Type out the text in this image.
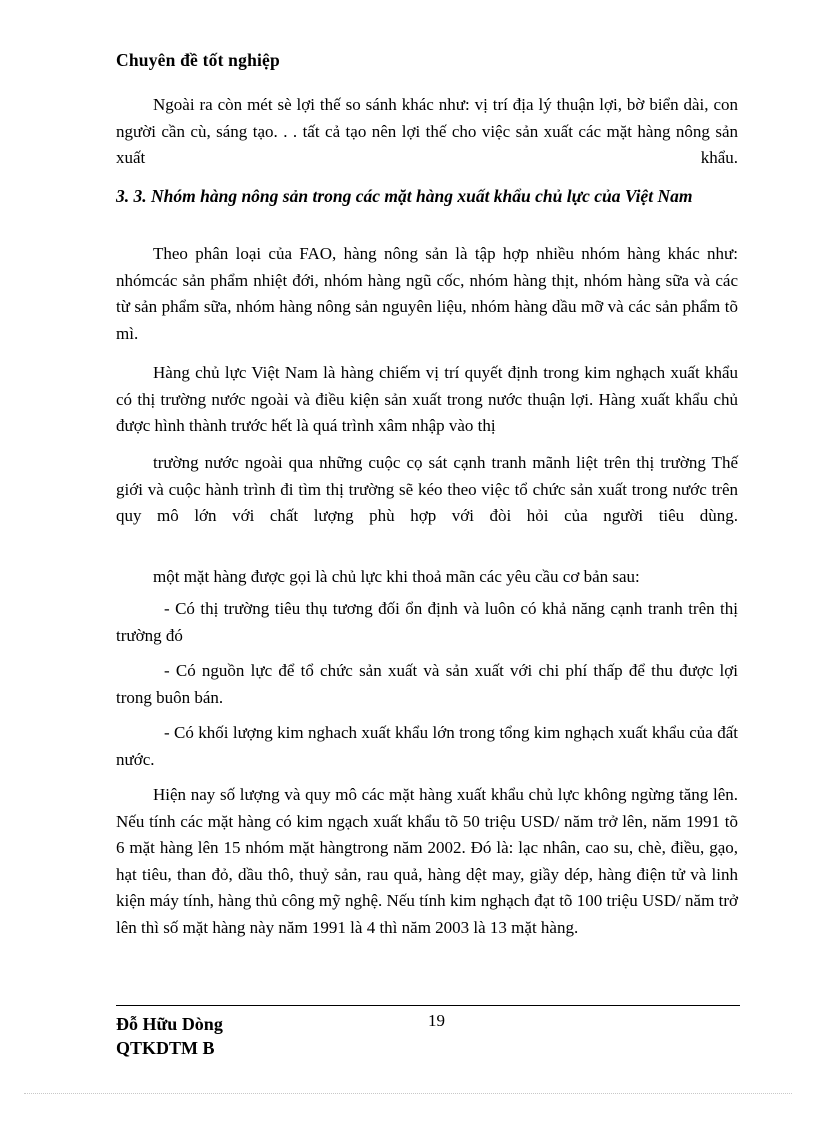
Chuyên đề tốt nghiệp

Ngoài ra còn mét sè lợi thế so sánh khác như: vị trí địa lý thuận lợi, bờ biển dài, con người cần cù, sáng tạo. . . tất cả tạo nên lợi thế cho việc sản xuất các mặt hàng nông sản xuất khẩu.

3. 3. Nhóm hàng nông sản trong các mặt hàng xuất khẩu chủ lực của Việt Nam

Theo phân loại của FAO, hàng nông sản là tập hợp nhiều nhóm hàng khác như: nhómcác sản phẩm nhiệt đới, nhóm hàng ngũ cốc, nhóm hàng thịt, nhóm hàng sữa và các từ sản phẩm sữa, nhóm hàng nông sản nguyên liệu, nhóm hàng dầu mỡ và các sản phẩm tõ mì.

Hàng chủ lực Việt Nam là hàng chiếm vị trí quyết định trong kim nghạch xuất khẩu có thị trường nước ngoài và điều kiện sản xuất trong nước thuận lợi. Hàng xuất khẩu chủ được hình thành trước hết là quá trình xâm nhập vào thị

trường nước ngoài qua những cuộc cọ sát cạnh tranh mãnh liệt trên thị trường Thế giới và cuộc hành trình đi tìm thị trường sẽ kéo theo việc tổ chức sản xuất trong nước trên quy mô lớn với chất lượng phù hợp với đòi hỏi của người tiêu dùng.

một mặt hàng được gọi là chủ lực khi thoả mãn các yêu cầu cơ bản sau:

- Có thị trường tiêu thụ tương đối ổn định và luôn có khả năng cạnh tranh trên thị trường đó

- Có nguồn lực để tổ chức sản xuất và sản xuất với chi phí thấp để thu được lợi trong buôn bán.

- Có khối lượng kim nghach xuất khẩu lớn trong tổng kim nghạch xuất khẩu của đất nước.

Hiện nay số lượng và quy mô các mặt hàng xuất khẩu chủ lực không ngừng tăng lên. Nếu tính các mặt hàng có kim ngạch xuất khẩu tõ 50 triệu USD/ năm trở lên, năm 1991 tõ 6 mặt hàng lên 15 nhóm mặt hàngtrong năm 2002. Đó là: lạc nhân, cao su, chè, điều, gạo, hạt tiêu, than đỏ, dầu thô, thuỷ sản, rau quả, hàng dệt may, giầy dép, hàng điện tử và linh kiện máy tính, hàng thủ công mỹ nghệ. Nếu tính kim nghạch đạt tõ 100 triệu USD/ năm trở lên thì số mặt hàng này năm 1991 là 4 thì năm 2003 là 13 mặt hàng.

Đỗ Hữu Dòng	19
QTKDTM B
